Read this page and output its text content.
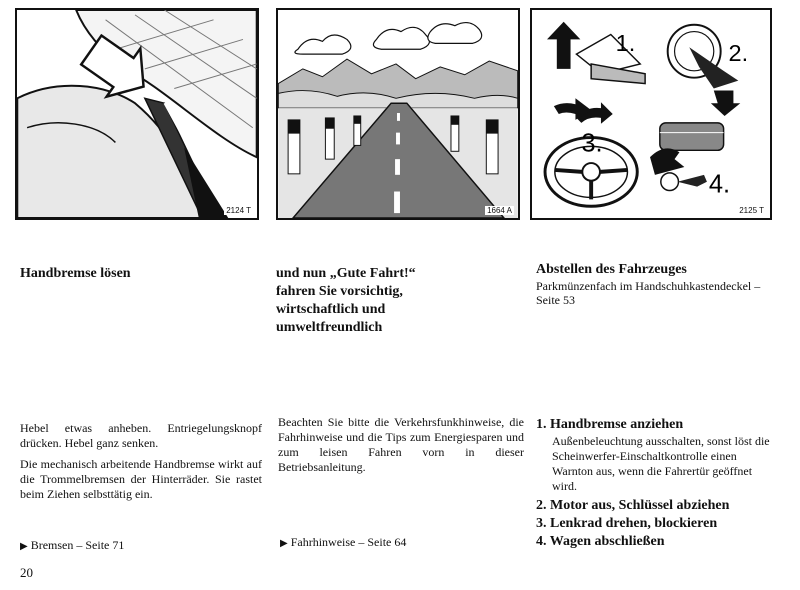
2124 T	1664 A
1.	2.
3.
4.
2125 T
Handbremse lösen

Hebel etwas anheben. Entriegelungsknopf drücken. Hebel ganz senken.

Die mechanisch arbeitende Handbremse wirkt auf die Trommelbremsen der Hinterräder. Sie rastet beim Ziehen selbsttätig ein.

▶ Bremsen – Seite 71
und nun „Gute Fahrt!“
fahren Sie vorsichtig,
wirtschaftlich und
umweltfreundlich

Beachten Sie bitte die Verkehrsfunkhinweise, die Fahrhinweise und die Tips zum Energiesparen und zum leisen Fahren vorn in dieser Betriebsanleitung.

▶ Fahrhinweise – Seite 64
Abstellen des Fahrzeuges
Parkmünzenfach im Handschuhkastendeckel – Seite 53
1. Handbremse anziehen
Außenbeleuchtung ausschalten, sonst löst die Scheinwerfer-Einschaltkontrolle einen Warnton aus, wenn die Fahrertür geöffnet wird.
2. Motor aus, Schlüssel abziehen
3. Lenkrad drehen, blockieren
4. Wagen abschließen
20
